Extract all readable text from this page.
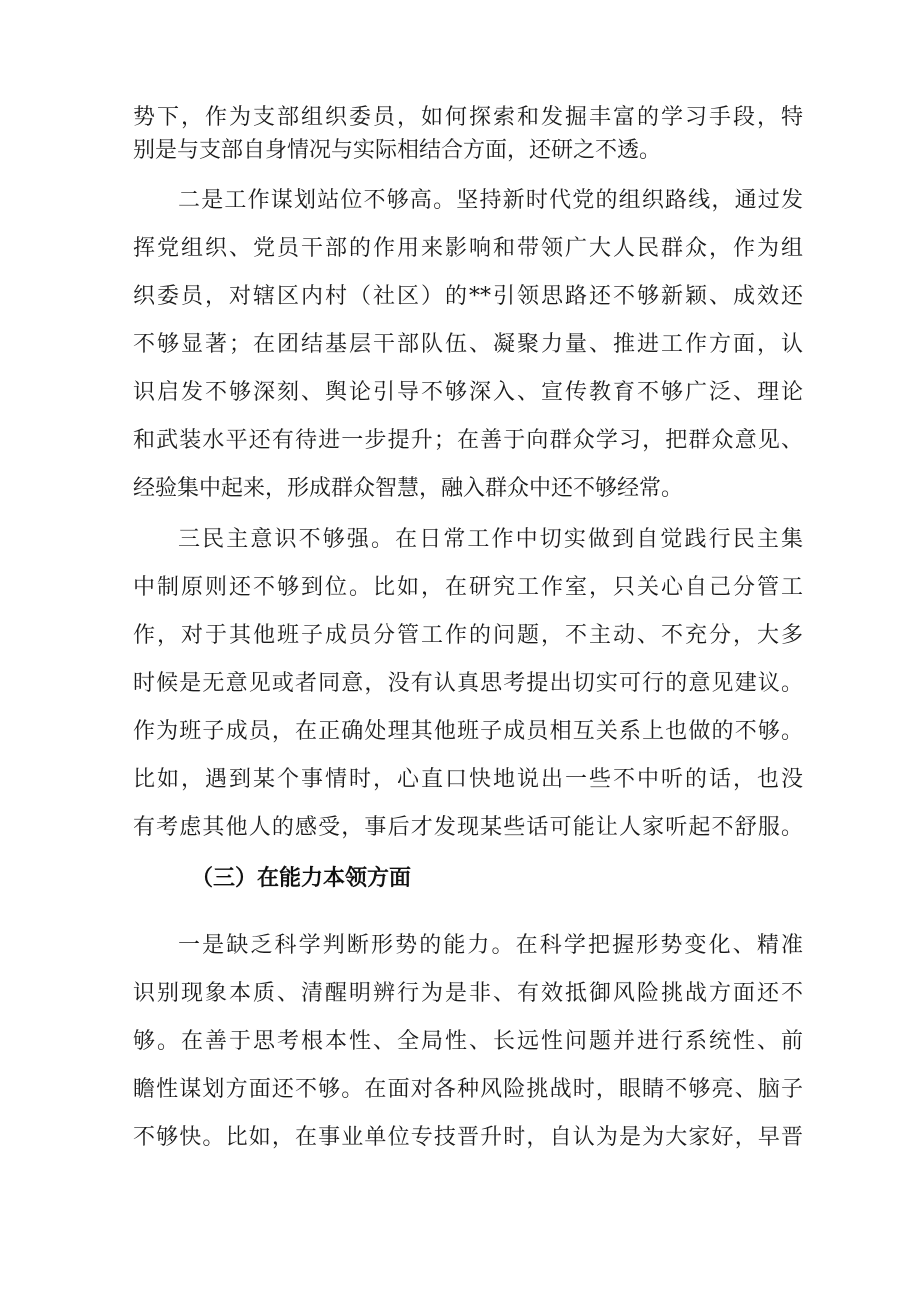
势下，作为支部组织委员，如何探索和发掘丰富的学习手段，特
别是与支部自身情况与实际相结合方面，还研之不透。
二是工作谋划站位不够高。坚持新时代党的组织路线，通过发
挥党组织、党员干部的作用来影响和带领广大人民群众，作为组
织委员，对辖区内村（社区）的**引领思路还不够新颖、成效还
不够显著；在团结基层干部队伍、凝聚力量、推进工作方面，认
识启发不够深刻、舆论引导不够深入、宣传教育不够广泛、理论
和武装水平还有待进一步提升；在善于向群众学习，把群众意见、
经验集中起来，形成群众智慧，融入群众中还不够经常。
三民主意识不够强。在日常工作中切实做到自觉践行民主集
中制原则还不够到位。比如，在研究工作室，只关心自己分管工
作，对于其他班子成员分管工作的问题，不主动、不充分，大多
时候是无意见或者同意，没有认真思考提出切实可行的意见建议。
作为班子成员，在正确处理其他班子成员相互关系上也做的不够。
比如，遇到某个事情时，心直口快地说出一些不中听的话，也没
有考虑其他人的感受，事后才发现某些话可能让人家听起不舒服。
（三）在能力本领方面
一是缺乏科学判断形势的能力。在科学把握形势变化、精准
识别现象本质、清醒明辨行为是非、有效抵御风险挑战方面还不
够。在善于思考根本性、全局性、长远性问题并进行系统性、前
瞻性谋划方面还不够。在面对各种风险挑战时，眼睛不够亮、脑子
不够快。比如，在事业单位专技晋升时，自认为是为大家好，早晋
